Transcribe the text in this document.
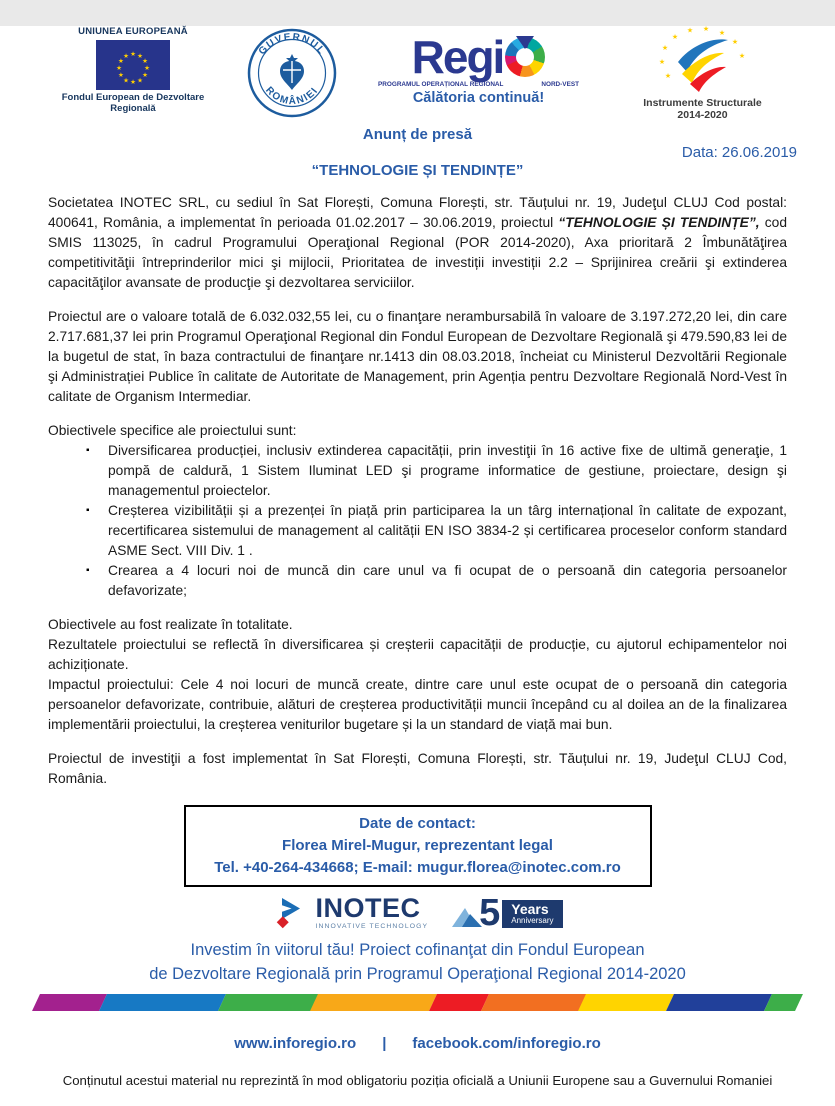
UNIUNEA EUROPEANĂ
★ ★
★
★
★
★
★
★
★
★
★
★
Fondul European de Dezvoltare Regională
GUVERNUL
ROMÂNIEI
Regi
PROGRAMUL OPERAȚIONAL REGIONAL	NORD-VEST
Călătoria continuă!
★
★
★
★
★ ★ ★
★
★
Instrumente Structurale
2014-2020
Anunț de presă
Data: 26.06.2019
“TEHNOLOGIE ȘI TENDINȚE”

Societatea INOTEC SRL, cu sediul în Sat Florești, Comuna Florești, str. Tăuțului nr. 19, Judeţul CLUJ Cod postal: 400641, România, a implementat în perioada 01.02.2017 – 30.06.2019, proiectul “TEHNOLOGIE ȘI TENDINȚE”, cod SMIS 113025, în cadrul Programului Operaţional Regional (POR 2014-2020), Axa prioritară 2 Îmbunătăţirea competitivităţii întreprinderilor mici şi mijlocii, Prioritatea de investiții investiții 2.2 – Sprijinirea creării şi extinderea capacităţilor avansate de producţie şi dezvoltarea serviciilor.

Proiectul are o valoare totală de 6.032.032,55 lei, cu o finanţare nerambursabilă în valoare de 3.197.272,20 lei, din care 2.717.681,37 lei prin Programul Operaţional Regional din Fondul European de Dezvoltare Regională şi 479.590,83 lei de la bugetul de stat, în baza contractului de finanţare nr.1413 din 08.03.2018, încheiat cu Ministerul Dezvoltării Regionale şi Administrației Publice în calitate de Autoritate de Management, prin Agenția pentru Dezvoltare Regională Nord-Vest în calitate de Organism Intermediar.

Obiectivele specifice ale proiectului sunt:

▪	Diversificarea producției, inclusiv extinderea capacității, prin investiţii în 16 active fixe de ultimă generaţie, 1 pompă de caldură, 1 Sistem Iluminat LED şi programe informatice de gestiune, proiectare, design şi managementul proiectelor.
▪	Creșterea vizibilității și a prezenței în piață prin participarea la un târg internațional în calitate de expozant, recertificarea sistemului de management al calității EN ISO 3834-2 și certificarea proceselor conform standard ASME Sect. VIII Div. 1 .
▪	Crearea a 4 locuri noi de muncă din care unul va fi ocupat de o persoană din categoria persoanelor defavorizate;

Obiectivele au fost realizate în totalitate.

Rezultatele proiectului se reflectă în diversificarea și creșterii capacității de producție, cu ajutorul echipamentelor noi achiziționate.

Impactul proiectului: Cele 4 noi locuri de muncă create, dintre care unul este ocupat de o persoană din categoria persoanelor defavorizate, contribuie, alături de creșterea productivității muncii începând cu al doilea an de la finalizarea implementării proiectului, la creșterea veniturilor bugetare și la un standard de viață mai bun.

Proiectul de investiţii a fost implementat în Sat Florești, Comuna Florești, str. Tăuțului nr. 19, Judeţul CLUJ Cod, România.

Date de contact:
Florea Mirel-Mugur, reprezentant legal
Tel. +40-264-434668; E-mail: mugur.florea@inotec.com.ro
INOTEC
INNOVATIVE TECHNOLOGY 5 Years
Anniversary
Investim în viitorul tău! Proiect cofinanţat din Fondul European
de Dezvoltare Regională prin Programul Operaţional Regional 2014-2020
www.inforegio.ro | facebook.com/inforegio.ro
Conținutul acestui material nu reprezintă în mod obligatoriu poziția oficială a Uniunii Europene sau a Guvernului Romaniei
